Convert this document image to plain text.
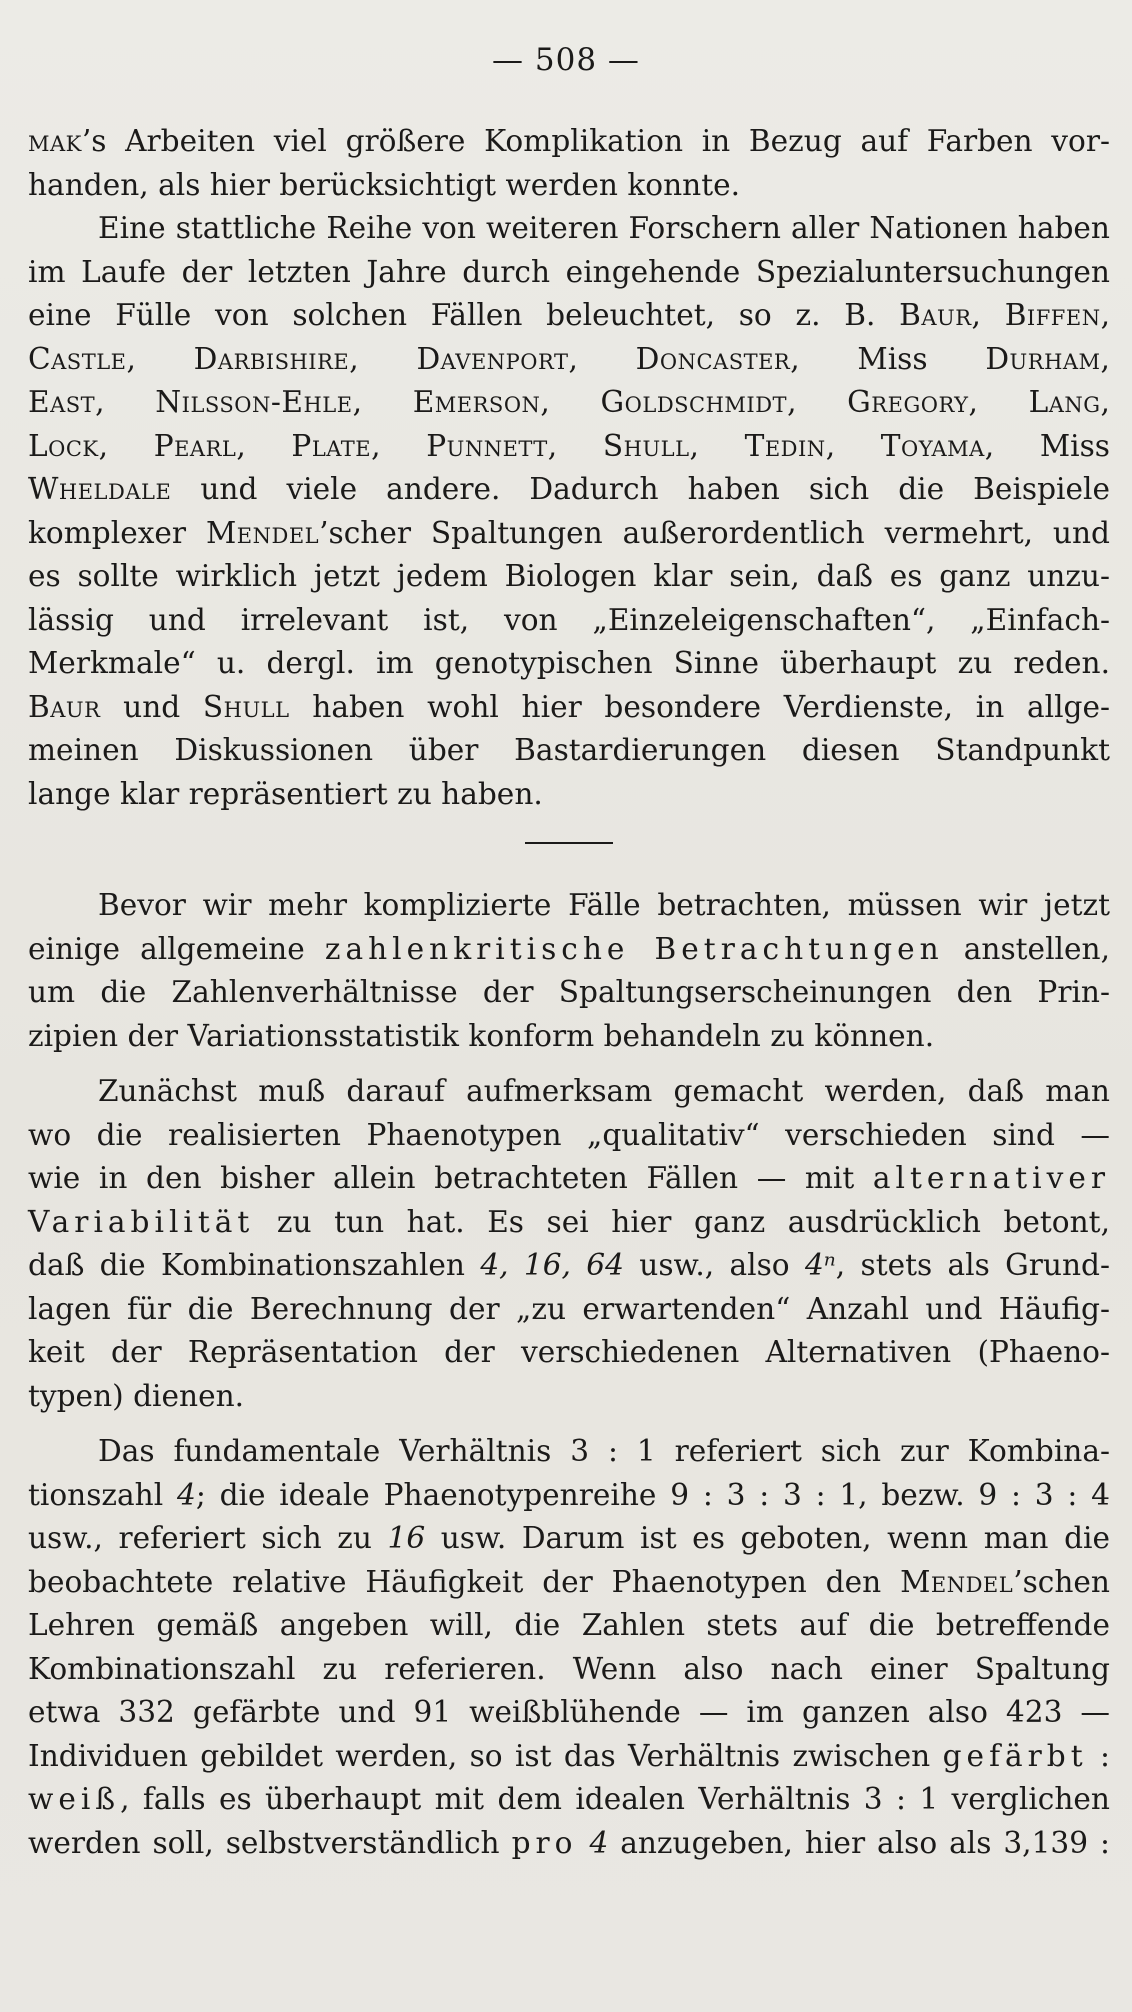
— 508 —
mak’s Arbeiten viel größere Komplikation in Bezug auf Farben vor-
handen, als hier berücksichtigt werden konnte.
Eine stattliche Reihe von weiteren Forschern aller Nationen haben
im Laufe der letzten Jahre durch eingehende Spezialuntersuchungen
eine Fülle von solchen Fällen beleuchtet, so z. B. Baur, Biffen,
Castle, Darbishire, Davenport, Doncaster, Miss Durham,
East, Nilsson-Ehle, Emerson, Goldschmidt, Gregory, Lang,
Lock, Pearl, Plate, Punnett, Shull, Tedin, Toyama, Miss
Wheldale und viele andere. Dadurch haben sich die Beispiele
komplexer Mendel’scher Spaltungen außerordentlich vermehrt, und
es sollte wirklich jetzt jedem Biologen klar sein, daß es ganz unzu-
lässig und irrelevant ist, von „Einzeleigenschaften“, „Einfach-
Merkmale“ u. dergl. im genotypischen Sinne überhaupt zu reden.
Baur und Shull haben wohl hier besondere Verdienste, in allge-
meinen Diskussionen über Bastardierungen diesen Standpunkt
lange klar repräsentiert zu haben.
Bevor wir mehr komplizierte Fälle betrachten, müssen wir jetzt
einige allgemeine zahlenkritische Betrachtungen anstellen,
um die Zahlenverhältnisse der Spaltungserscheinungen den Prin-
zipien der Variationsstatistik konform behandeln zu können.
Zunächst muß darauf aufmerksam gemacht werden, daß man
wo die realisierten Phaenotypen „qualitativ“ verschieden sind —
wie in den bisher allein betrachteten Fällen — mit alternativer
Variabilität zu tun hat. Es sei hier ganz ausdrücklich betont,
daß die Kombinationszahlen 4, 16, 64 usw., also 4ⁿ, stets als Grund-
lagen für die Berechnung der „zu erwartenden“ Anzahl und Häufig-
keit der Repräsentation der verschiedenen Alternativen (Phaeno-
typen) dienen.
Das fundamentale Verhältnis 3 : 1 referiert sich zur Kombina-
tionszahl 4; die ideale Phaenotypenreihe 9 : 3 : 3 : 1, bezw. 9 : 3 : 4
usw., referiert sich zu 16 usw. Darum ist es geboten, wenn man die
beobachtete relative Häufigkeit der Phaenotypen den Mendel’schen
Lehren gemäß angeben will, die Zahlen stets auf die betreffende
Kombinationszahl zu referieren. Wenn also nach einer Spaltung
etwa 332 gefärbte und 91 weißblühende — im ganzen also 423 —
Individuen gebildet werden, so ist das Verhältnis zwischen gefärbt :
weiß, falls es überhaupt mit dem idealen Verhältnis 3 : 1 verglichen
werden soll, selbstverständlich pro 4 anzugeben, hier also als 3,139 :
